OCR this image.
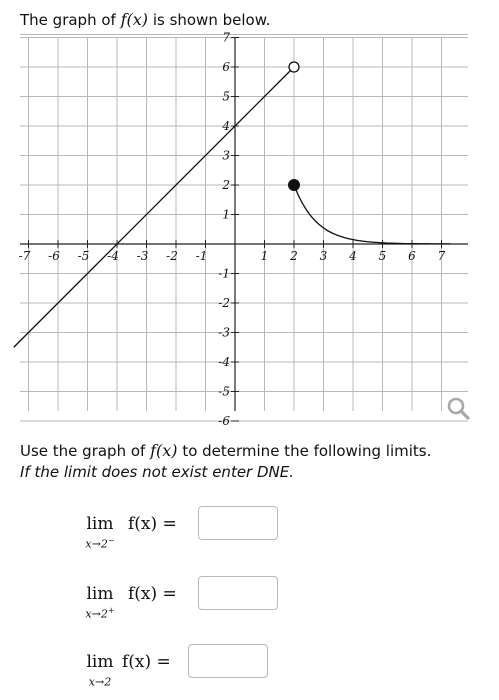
The graph of f(x) is shown below.
-7 -6 -5 -4 -3 -2 -1	1 2 3 4 5 6 7
7
6
5
4
3
2
1
-1
-2
-3
-4
-5
-6
Use the graph of f(x) to determine the following limits.
If the limit does not exist enter DNE.
lim
x→2−
f(x) =
lim
x→2+
f(x) =
lim
x→2
f(x) =
